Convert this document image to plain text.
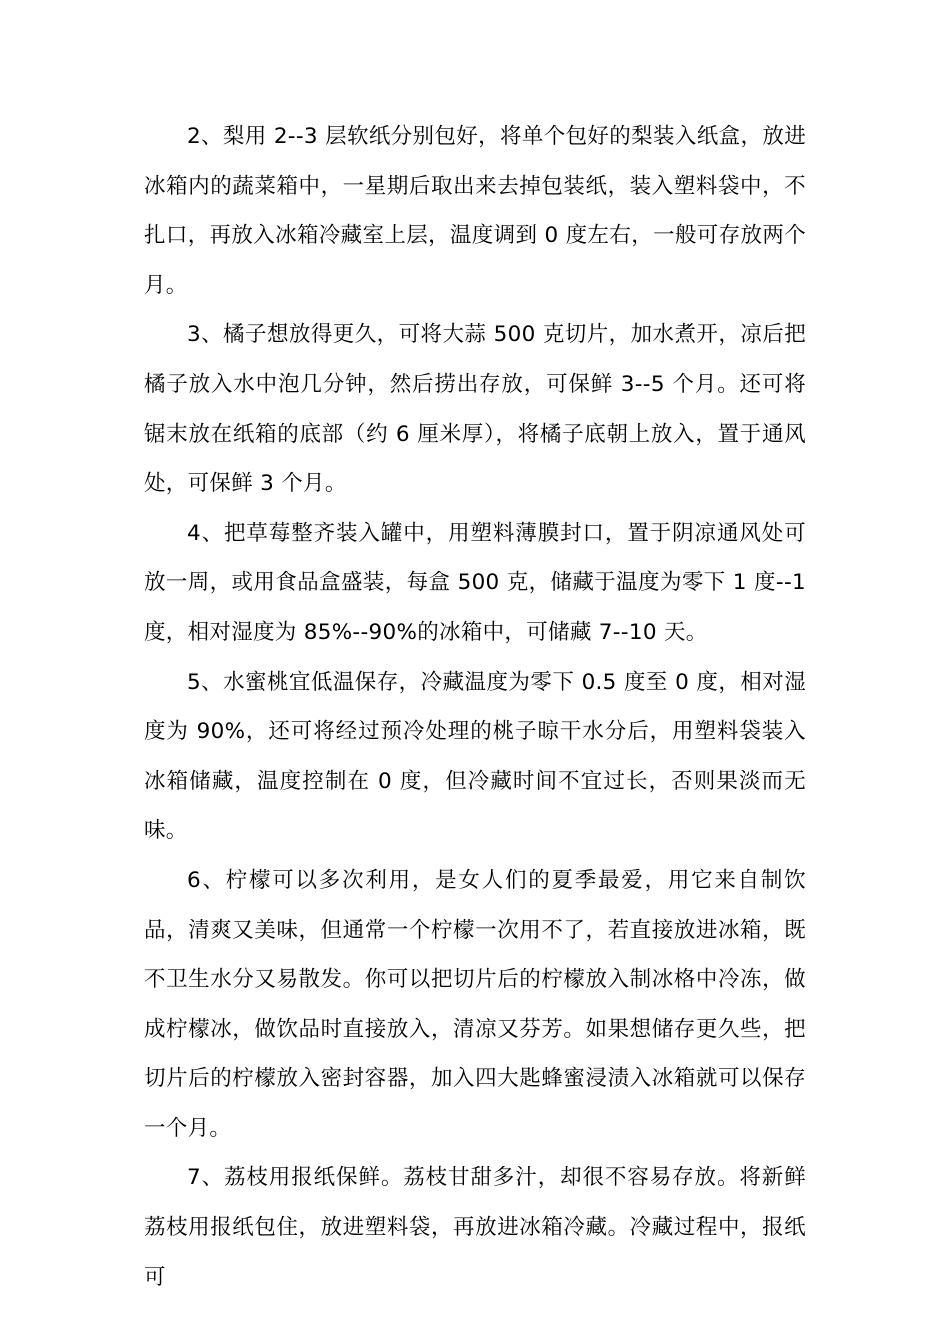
2、梨用 2--3 层软纸分别包好，将单个包好的梨装入纸盒，放进冰箱内的蔬菜箱中，一星期后取出来去掉包装纸，装入塑料袋中，不扎口，再放入冰箱冷藏室上层，温度调到 0 度左右，一般可存放两个月。

3、橘子想放得更久，可将大蒜 500 克切片，加水煮开，凉后把橘子放入水中泡几分钟，然后捞出存放，可保鲜 3--5 个月。还可将锯末放在纸箱的底部（约 6 厘米厚），将橘子底朝上放入，置于通风处，可保鲜 3 个月。

4、把草莓整齐装入罐中，用塑料薄膜封口，置于阴凉通风处可放一周，或用食品盒盛装，每盒 500 克，储藏于温度为零下 1 度--1 度，相对湿度为 85%--90%的冰箱中，可储藏 7--10 天。

5、水蜜桃宜低温保存，冷藏温度为零下 0.5 度至 0 度，相对湿度为 90%，还可将经过预冷处理的桃子晾干水分后，用塑料袋装入冰箱储藏，温度控制在 0 度，但冷藏时间不宜过长，否则果淡而无味。

6、柠檬可以多次利用，是女人们的夏季最爱，用它来自制饮品，清爽又美味，但通常一个柠檬一次用不了，若直接放进冰箱，既不卫生水分又易散发。你可以把切片后的柠檬放入制冰格中冷冻，做成柠檬冰，做饮品时直接放入，清凉又芬芳。如果想储存更久些，把切片后的柠檬放入密封容器，加入四大匙蜂蜜浸渍入冰箱就可以保存一个月。

7、荔枝用报纸保鲜。荔枝甘甜多汁，却很不容易存放。将新鲜荔枝用报纸包住，放进塑料袋，再放进冰箱冷藏。冷藏过程中，报纸可
